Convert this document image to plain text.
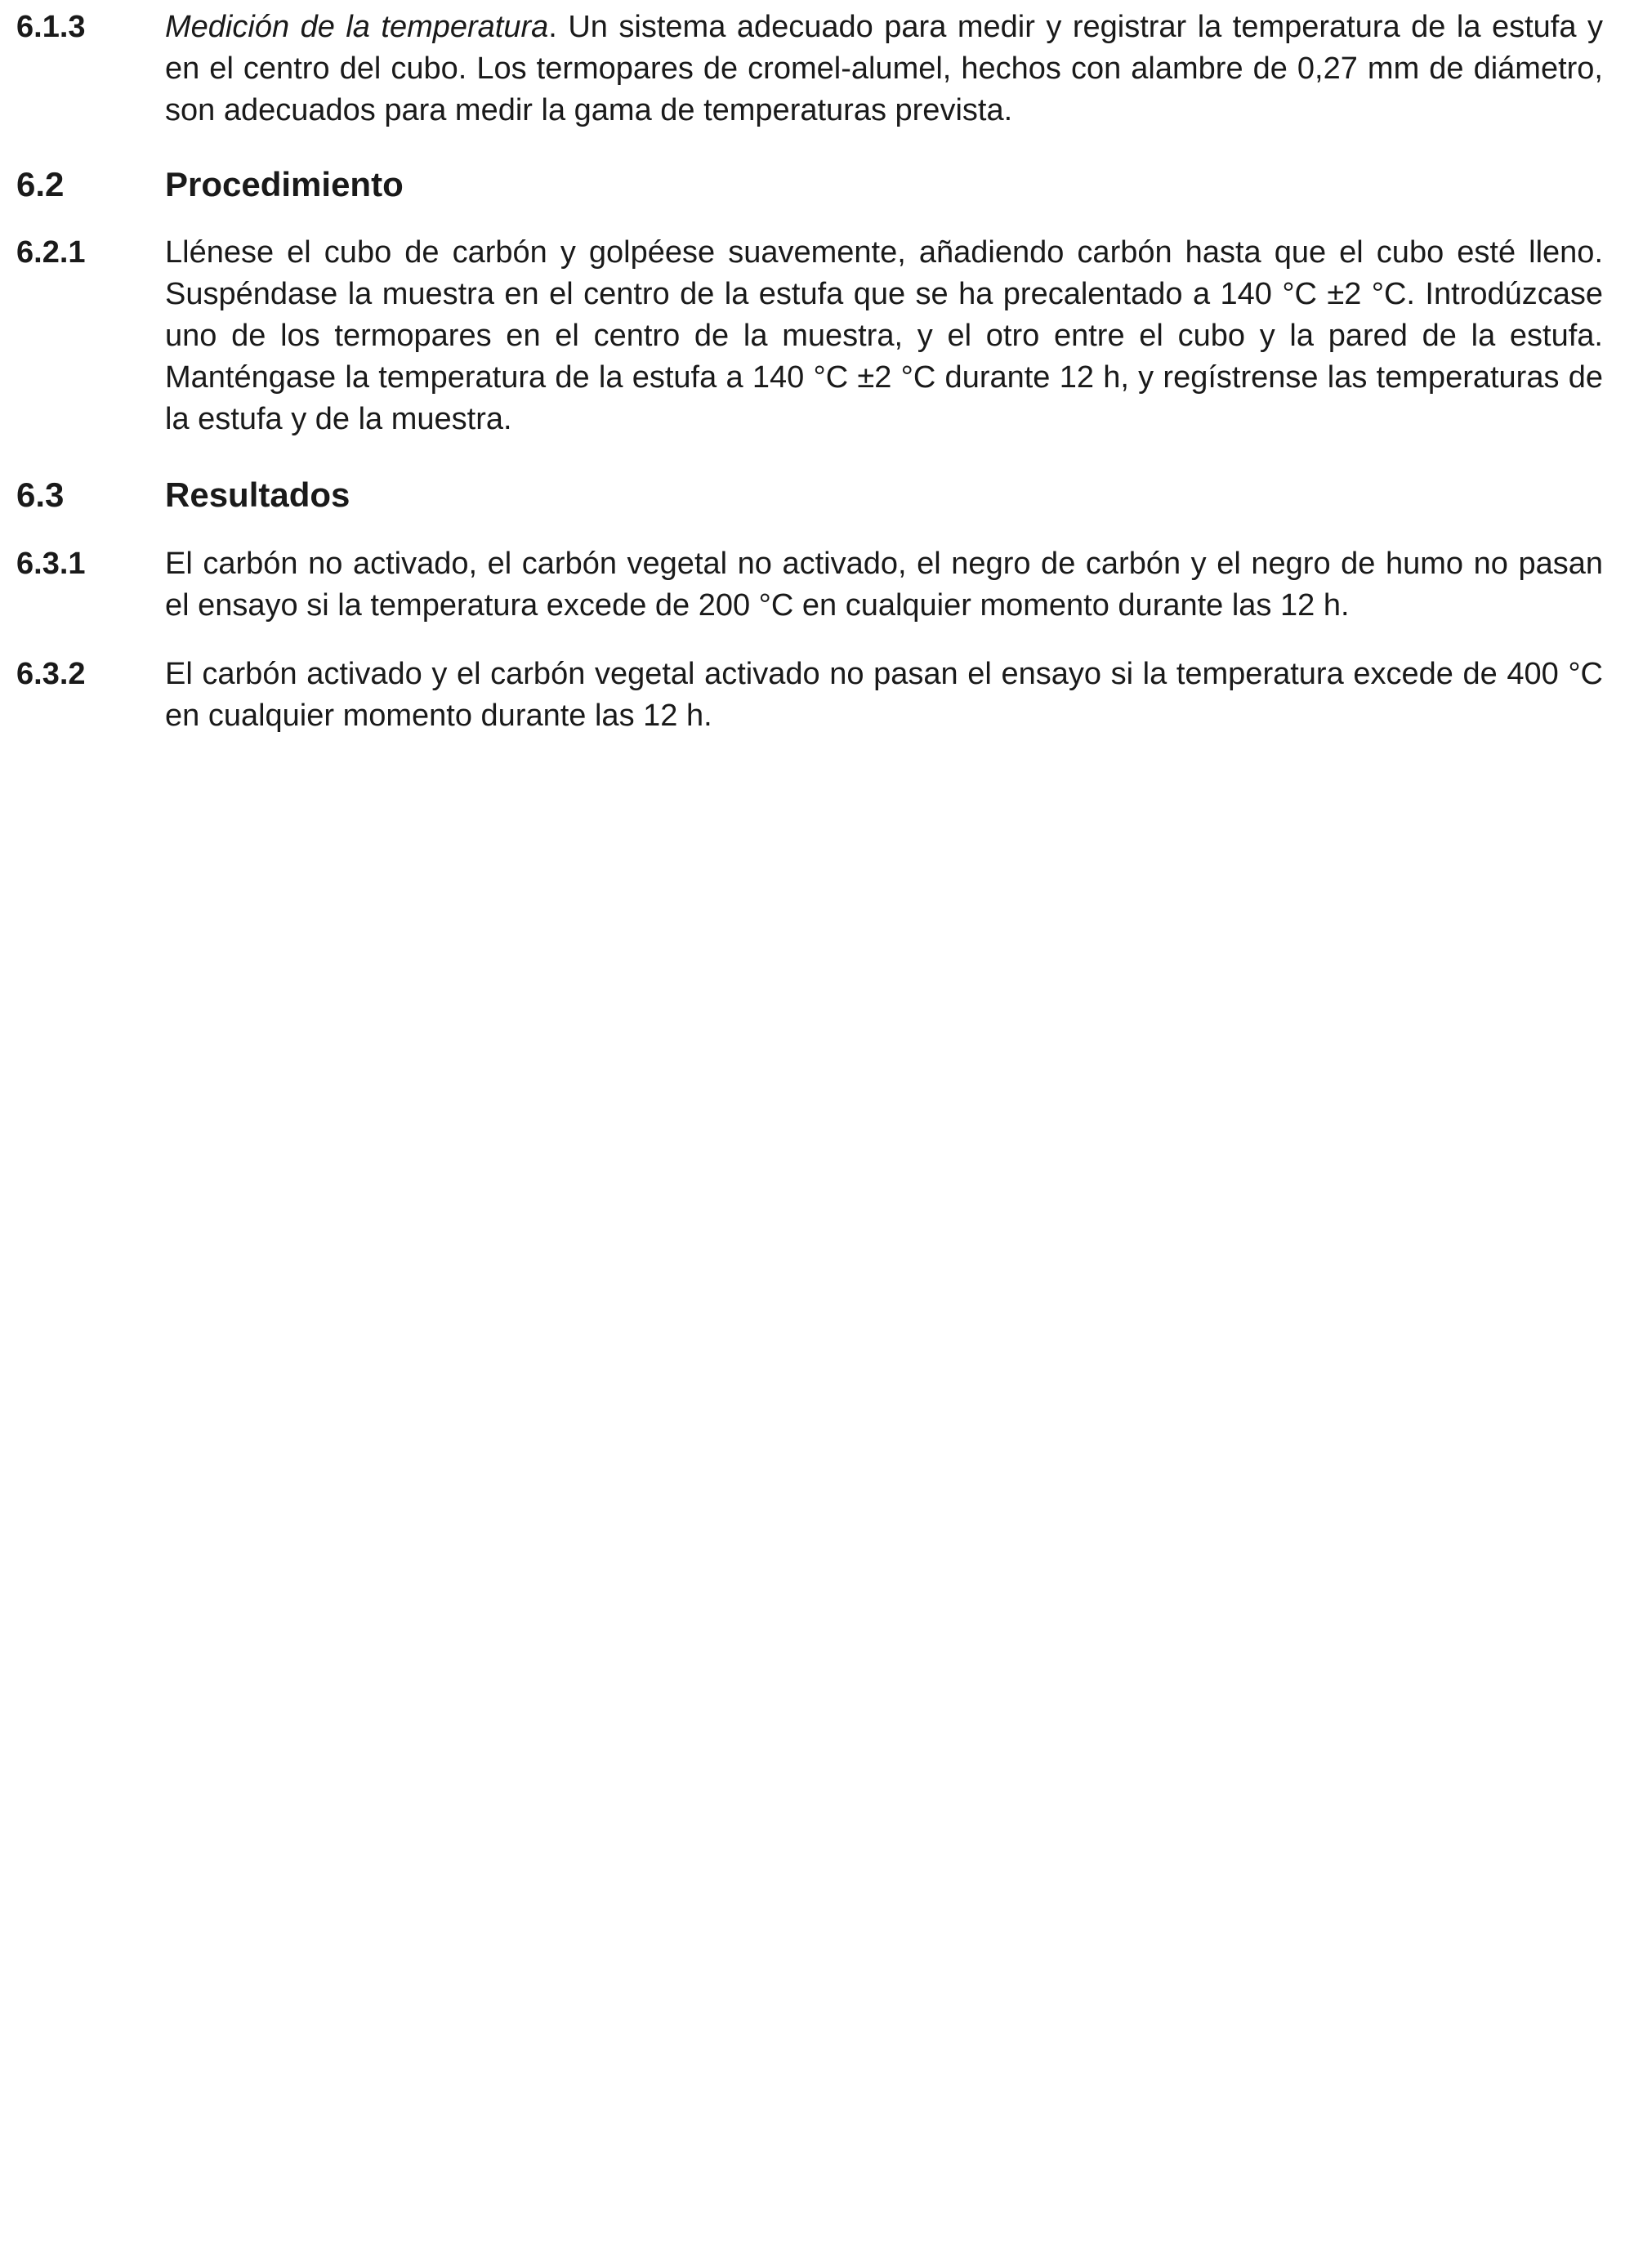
6.1.3	Medición de la temperatura. Un sistema adecuado para medir y registrar la temperatura de la estufa y en el centro del cubo. Los termopares de cromel-alumel, hechos con alambre de 0,27 mm de diámetro, son adecuados para medir la gama de temperaturas prevista.
6.2	Procedimiento
6.2.1	Llénese el cubo de carbón y golpéese suavemente, añadiendo carbón hasta que el cubo esté lleno. Suspéndase la muestra en el centro de la estufa que se ha precalentado a 140 °C ±2 °C. Introdúzcase uno de los termopares en el centro de la muestra, y el otro entre el cubo y la pared de la estufa. Manténgase la temperatura de la estufa a 140 °C ±2 °C durante 12 h, y regístrense las temperaturas de la estufa y de la muestra.
6.3	Resultados
6.3.1	El carbón no activado, el carbón vegetal no activado, el negro de carbón y el negro de humo no pasan el ensayo si la temperatura excede de 200 °C en cualquier momento durante las 12 h.
6.3.2	El carbón activado y el carbón vegetal activado no pasan el ensayo si la temperatura excede de 400 °C en cualquier momento durante las 12 h.
